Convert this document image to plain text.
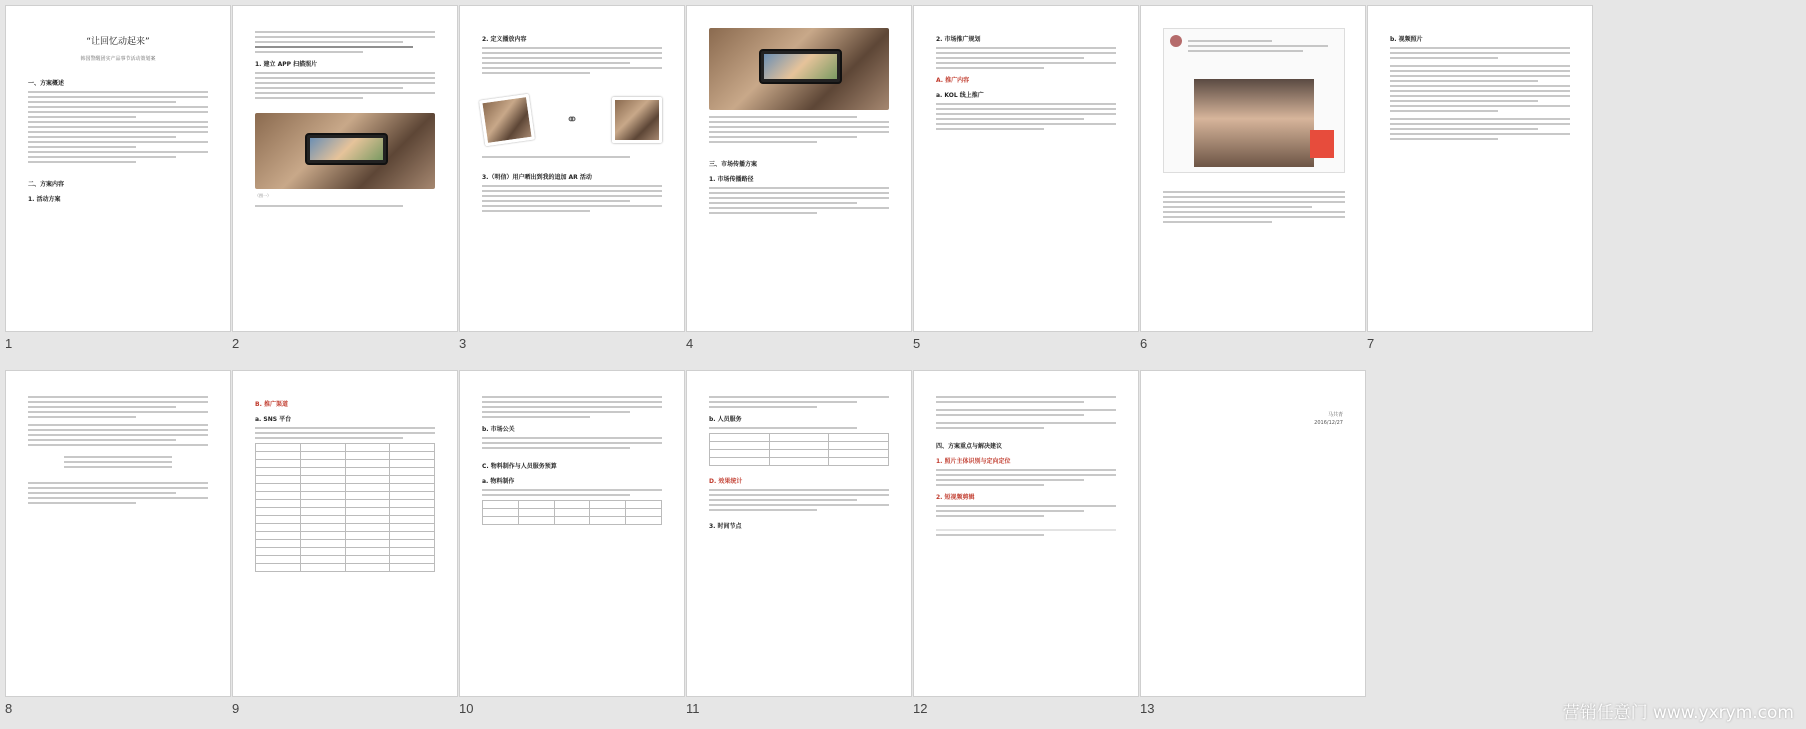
“让回忆动起来”
韩国警醒团实产品事节活动策划案
一、方案概述
二、方案内容
1. 活动方案
1
1. 建立 APP 扫描照片
（图一）
2
2. 定义播放内容
⚭
3.（明信）用户晒出到我的追加 AR 活动
3
三、市场传播方案
1. 市场传播路径
4
2. 市场推广规划
A. 推广内容
a. KOL 线上推广
5	6
b. 视频照片
7
8
B. 推广渠道
a. SNS 平台

9
b. 市场公关
C. 物料制作与人员服务预算
a. 物料制作

10
b. 人员服务

D. 效果统计
3. 时间节点
11
四、方案重点与解决建议
1. 照片主体识别与定向定位
2. 短视频剪辑
12
马共青
2016/12/27
13	营销任意门 www.yxrym.com
